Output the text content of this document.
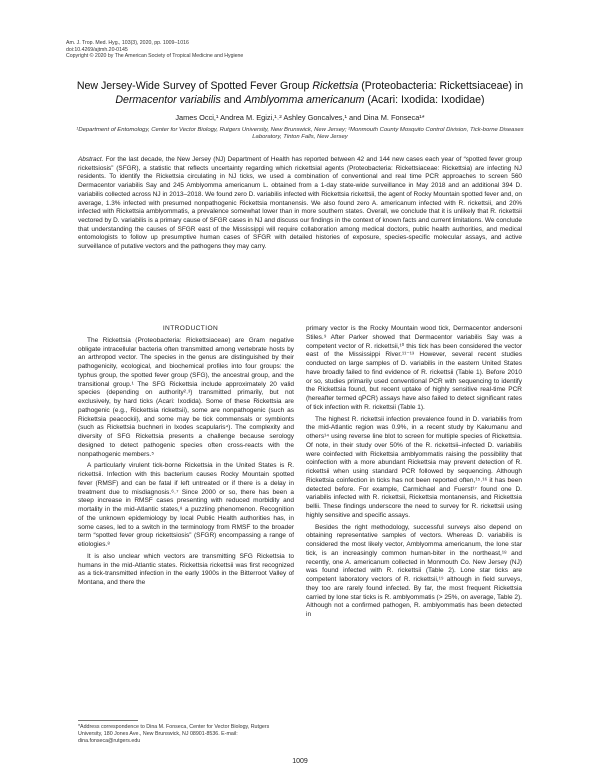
Am. J. Trop. Med. Hyg., 103(3), 2020, pp. 1009–1016
doi:10.4269/ajtmh.20-0145
Copyright © 2020 by The American Society of Tropical Medicine and Hygiene
New Jersey-Wide Survey of Spotted Fever Group Rickettsia (Proteobacteria: Rickettsiaceae) in
Dermacentor variabilis and Amblyomma americanum (Acari: Ixodida: Ixodidae)
James Occi,¹ Andrea M. Egizi,¹˒² Ashley Goncalves,¹ and Dina M. Fonseca¹*
¹Department of Entomology, Center for Vector Biology, Rutgers University, New Brunswick, New Jersey; ²Monmouth County Mosquito Control Division, Tick-borne Diseases Laboratory, Tinton Falls, New Jersey
Abstract. For the last decade, the New Jersey (NJ) Department of Health has reported between 42 and 144 new cases each year of “spotted fever group rickettsiosis” (SFGR), a statistic that reflects uncertainty regarding which rickettsial agents (Proteobacteria: Rickettsiaceae: Rickettsia) are infecting NJ residents. To identify the Rickettsia circulating in NJ ticks, we used a combination of conventional and real time PCR approaches to screen 560 Dermacentor variabilis Say and 245 Amblyomma americanum L. obtained from a 1-day state-wide surveillance in May 2018 and an additional 394 D. variabilis collected across NJ in 2013–2018. We found zero D. variabilis infected with Rickettsia rickettsii, the agent of Rocky Mountain spotted fever and, on average, 1.3% infected with presumed nonpathogenic Rickettsia montanensis. We also found zero A. americanum infected with R. rickettsii, and 20% infected with Rickettsia amblyommatis, a prevalence somewhat lower than in more southern states. Overall, we conclude that it is unlikely that R. rickettsii vectored by D. variabilis is a primary cause of SFGR cases in NJ and discuss our findings in the context of known facts and current limitations. We conclude that understanding the causes of SFGR east of the Mississippi will require collaboration among medical doctors, public health authorities, and medical entomologists to follow up presumptive human cases of SFGR with detailed histories of exposure, species-specific molecular assays, and active surveillance of putative vectors and the pathogens they may carry.

INTRODUCTION

The Rickettsia (Proteobacteria: Rickettsiaceae) are Gram negative obligate intracellular bacteria often transmitted among vertebrate hosts by an arthropod vector. The species in the genus are distinguished by their pathogenicity, ecological, and biochemical profiles into four groups: the typhus group, the spotted fever group (SFG), the ancestral group, and the transitional group.¹ The SFG Rickettsia include approximately 20 valid species (depending on authority²˒³) transmitted primarily, but not exclusively, by hard ticks (Acari: Ixodida). Some of these Rickettsia are pathogenic (e.g., Rickettsia rickettsii), some are nonpathogenic (such as Rickettsia peacockii), and some may be tick commensals or symbionts (such as Rickettsia buchneri in Ixodes scapularis⁴). The complexity and diversity of SFG Rickettsia presents a challenge because serology designed to detect pathogenic species often cross-reacts with the nonpathogenic members.⁵

A particularly virulent tick-borne Rickettsia in the United States is R. rickettsii. Infection with this bacterium causes Rocky Mountain spotted fever (RMSF) and can be fatal if left untreated or if there is a delay in treatment due to misdiagnosis.⁶˒⁷ Since 2000 or so, there has been a steep increase in RMSF cases presenting with reduced morbidity and mortality in the mid-Atlantic states,⁸ a puzzling phenomenon. Recognition of the unknown epidemiology by local Public Health authorities has, in some cases, led to a switch in the terminology from RMSF to the broader term “spotted fever group rickettsiosis” (SFGR) encompassing a range of etiologies.⁸

It is also unclear which vectors are transmitting SFG Rickettsia to humans in the mid-Atlantic states. Rickettsia rickettsii was first recognized as a tick-transmitted infection in the early 1900s in the Bitterroot Valley of Montana, and there the

primary vector is the Rocky Mountain wood tick, Dermacentor andersoni Stiles.⁹ After Parker showed that Dermacentor variabilis Say was a competent vector of R. rickettsii,¹⁰ this tick has been considered the vector east of the Mississippi River.¹¹⁻¹³ However, several recent studies conducted on large samples of D. variabilis in the eastern United States have broadly failed to find evidence of R. rickettsii (Table 1). Before 2010 or so, studies primarily used conventional PCR with sequencing to identify the Rickettsia found, but recent uptake of highly sensitive real-time PCR (hereafter termed qPCR) assays have also failed to detect significant rates of tick infection with R. rickettsii (Table 1).

The highest R. rickettsii infection prevalence found in D. variabilis from the mid-Atlantic region was 0.9%, in a recent study by Kakumanu and others¹⁴ using reverse line blot to screen for multiple species of Rickettsia. Of note, in their study over 50% of the R. rickettsii–infected D. variabilis were coinfected with Rickettsia amblyommatis raising the possibility that coinfection with a more abundant Rickettsia may prevent detection of R. rickettsii when using standard PCR followed by sequencing. Although Rickettsia coinfection in ticks has not been reported often,¹⁵˒¹⁶ it has been detected before. For example, Carmichael and Fuerst¹⁷ found one D. variabilis infected with R. rickettsii, Rickettsia montanensis, and Rickettsia bellii. These findings underscore the need to survey for R. rickettsii using highly sensitive and specific assays.

Besides the right methodology, successful surveys also depend on obtaining representative samples of vectors. Whereas D. variabilis is considered the most likely vector, Amblyomma americanum, the lone star tick, is an increasingly common human-biter in the northeast,¹⁸ and recently, one A. americanum collected in Monmouth Co. New Jersey (NJ) was found infected with R. rickettsii (Table 2). Lone star ticks are competent laboratory vectors of R. rickettsii,¹⁹ although in field surveys, they too are rarely found infected. By far, the most frequent Rickettsia carried by lone star ticks is R. amblyommatis (> 25%, on average, Table 2). Although not a confirmed pathogen, R. amblyommatis has been detected in

*Address correspondence to Dina M. Fonseca, Center for Vector Biology, Rutgers University, 180 Jones Ave., New Brunswick, NJ 08901-8536. E-mail: dina.fonseca@rutgers.edu
1009
